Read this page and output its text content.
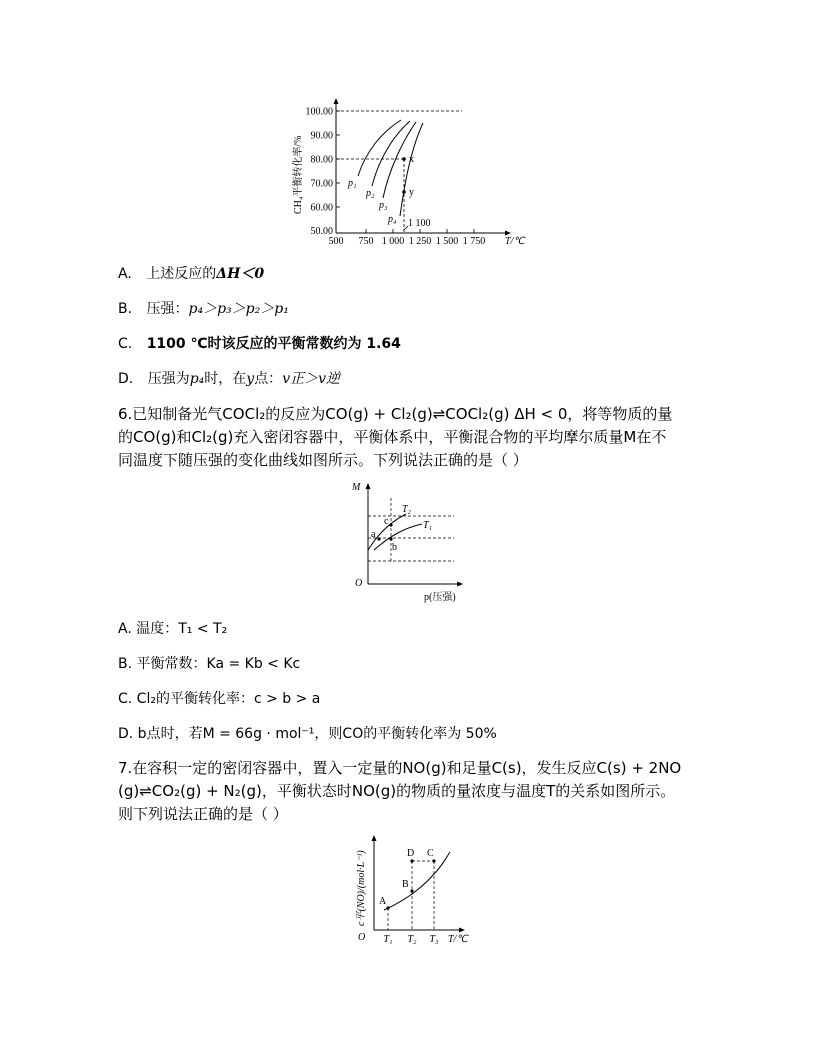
100.00
90.00
80.00
70.00
60.00
50.00
500 750 1 000 1 250 1 500 1 750 T/℃
CH₄平衡转化率/%	p₁
p₂
p₃
p₄
x
y
1 100
A. 上述反应的ΔH＜0
B. 压强：p₄＞p₃＞p₂＞p₁
C. 1100 ℃时该反应的平衡常数约为 1.64
D. 压强为p₄时，在y点：v正＞v逆
6.已知制备光气COCl₂的反应为CO(g) + Cl₂(g)⇌COCl₂(g) ΔH < 0，将等物质的量
的CO(g)和Cl₂(g)充入密闭容器中，平衡体系中，平衡混合物的平均摩尔质量M在不
同温度下随压强的变化曲线如图所示。下列说法正确的是（ ）
M
O
p(压强)
T₂
T₁
a
b
c
A. 温度：T₁ < T₂
B. 平衡常数：Ka = Kb < Kc
C. Cl₂的平衡转化率：c > b > a
D. b点时，若M = 66g · mol⁻¹，则CO的平衡转化率为 50%
7.在容积一定的密闭容器中，置入一定量的NO(g)和足量C(s)，发生反应C(s) + 2NO
(g)⇌CO₂(g) + N₂(g)，平衡状态时NO(g)的物质的量浓度与温度T的关系如图所示。
则下列说法正确的是（ ）
c平(NO)/(mol·L⁻¹)
O
A
B
C
D
T₁ T₂ T₃ T/℃
